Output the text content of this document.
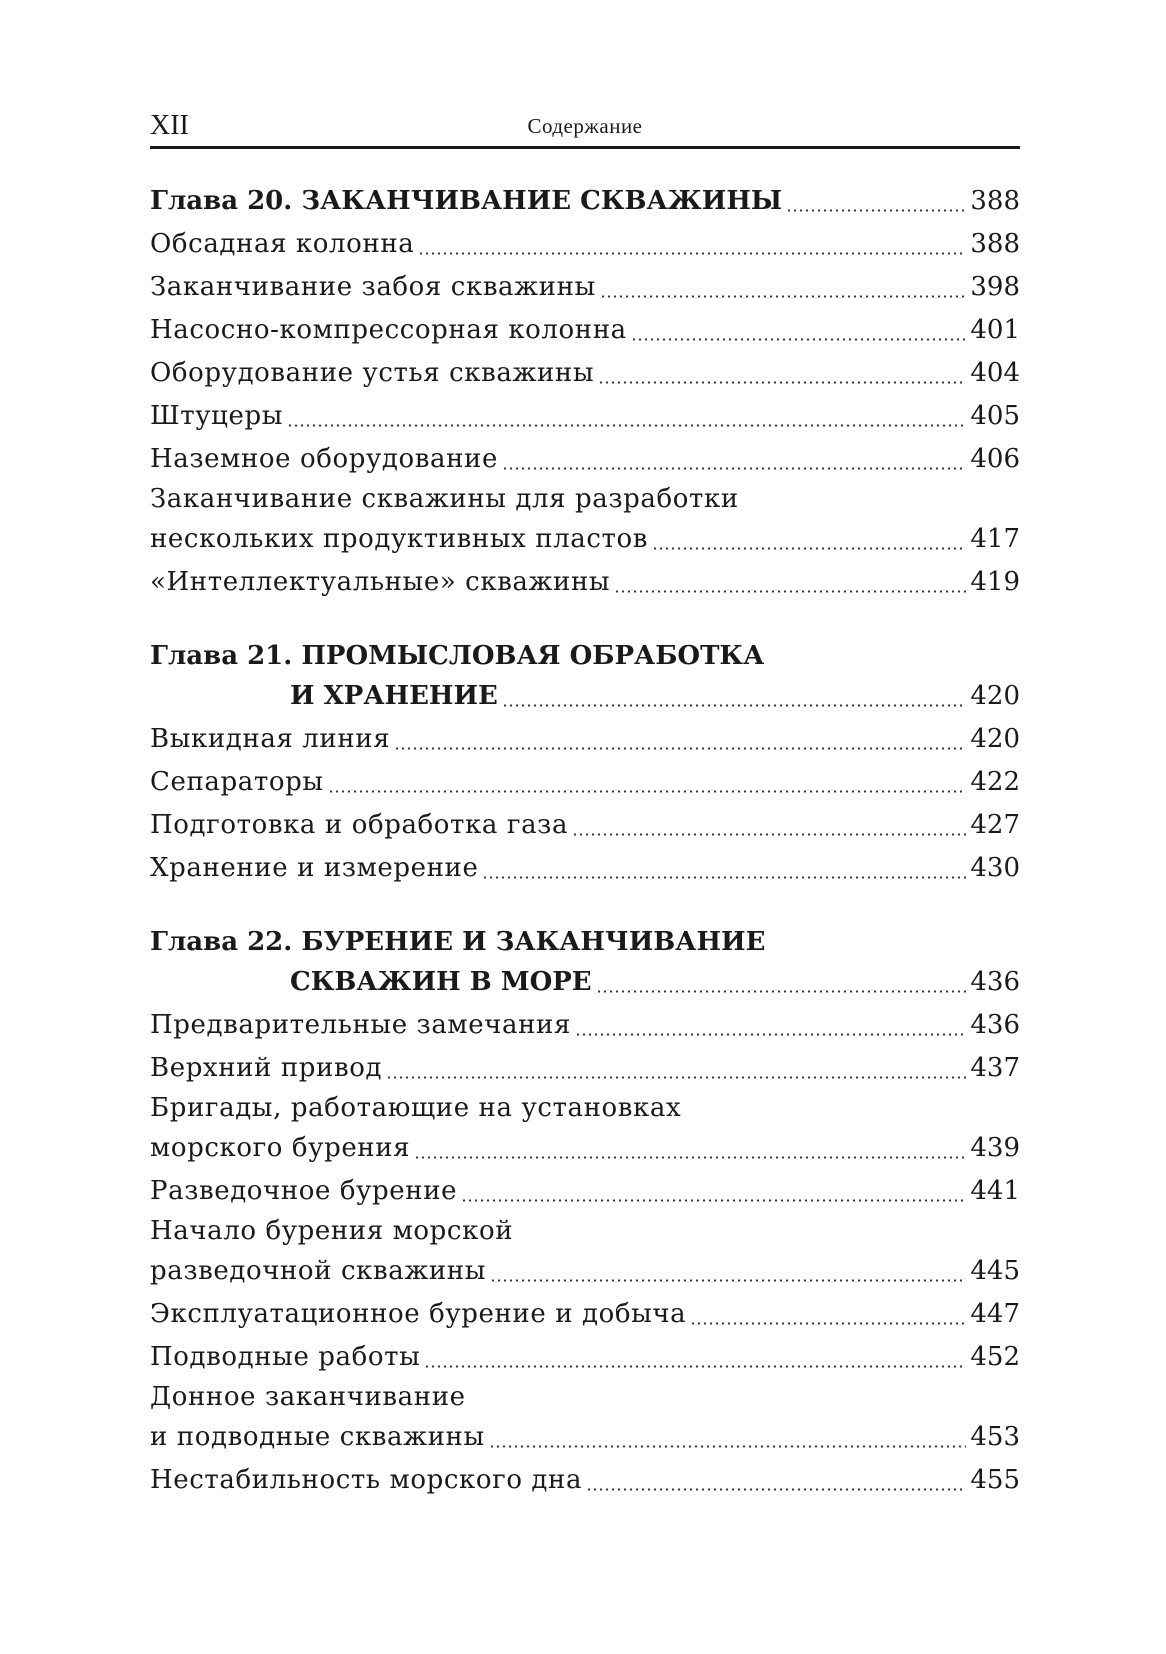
XII	Содержание
Глава 20. ЗАКАНЧИВАНИЕ СКВАЖИНЫ	388
Обсадная колонна	388
Заканчивание забоя скважины	398
Насосно-компрессорная колонна	401
Оборудование устья скважины	404
Штуцеры	405
Наземное оборудование	406
Заканчивание скважины для разработки
нескольких продуктивных пластов	417
«Интеллектуальные» скважины	419
Глава 21. ПРОМЫСЛОВАЯ ОБРАБОТКА
И ХРАНЕНИЕ	420
Выкидная линия	420
Сепараторы	422
Подготовка и обработка газа	427
Хранение и измерение	430
Глава 22. БУРЕНИЕ И ЗАКАНЧИВАНИЕ
СКВАЖИН В МОРЕ	436
Предварительные замечания	436
Верхний привод	437
Бригады, работающие на установках
морского бурения	439
Разведочное бурение	441
Начало бурения морской
разведочной скважины	445
Эксплуатационное бурение и добыча	447
Подводные работы	452
Донное заканчивание
и подводные скважины	453
Нестабильность морского дна	455
